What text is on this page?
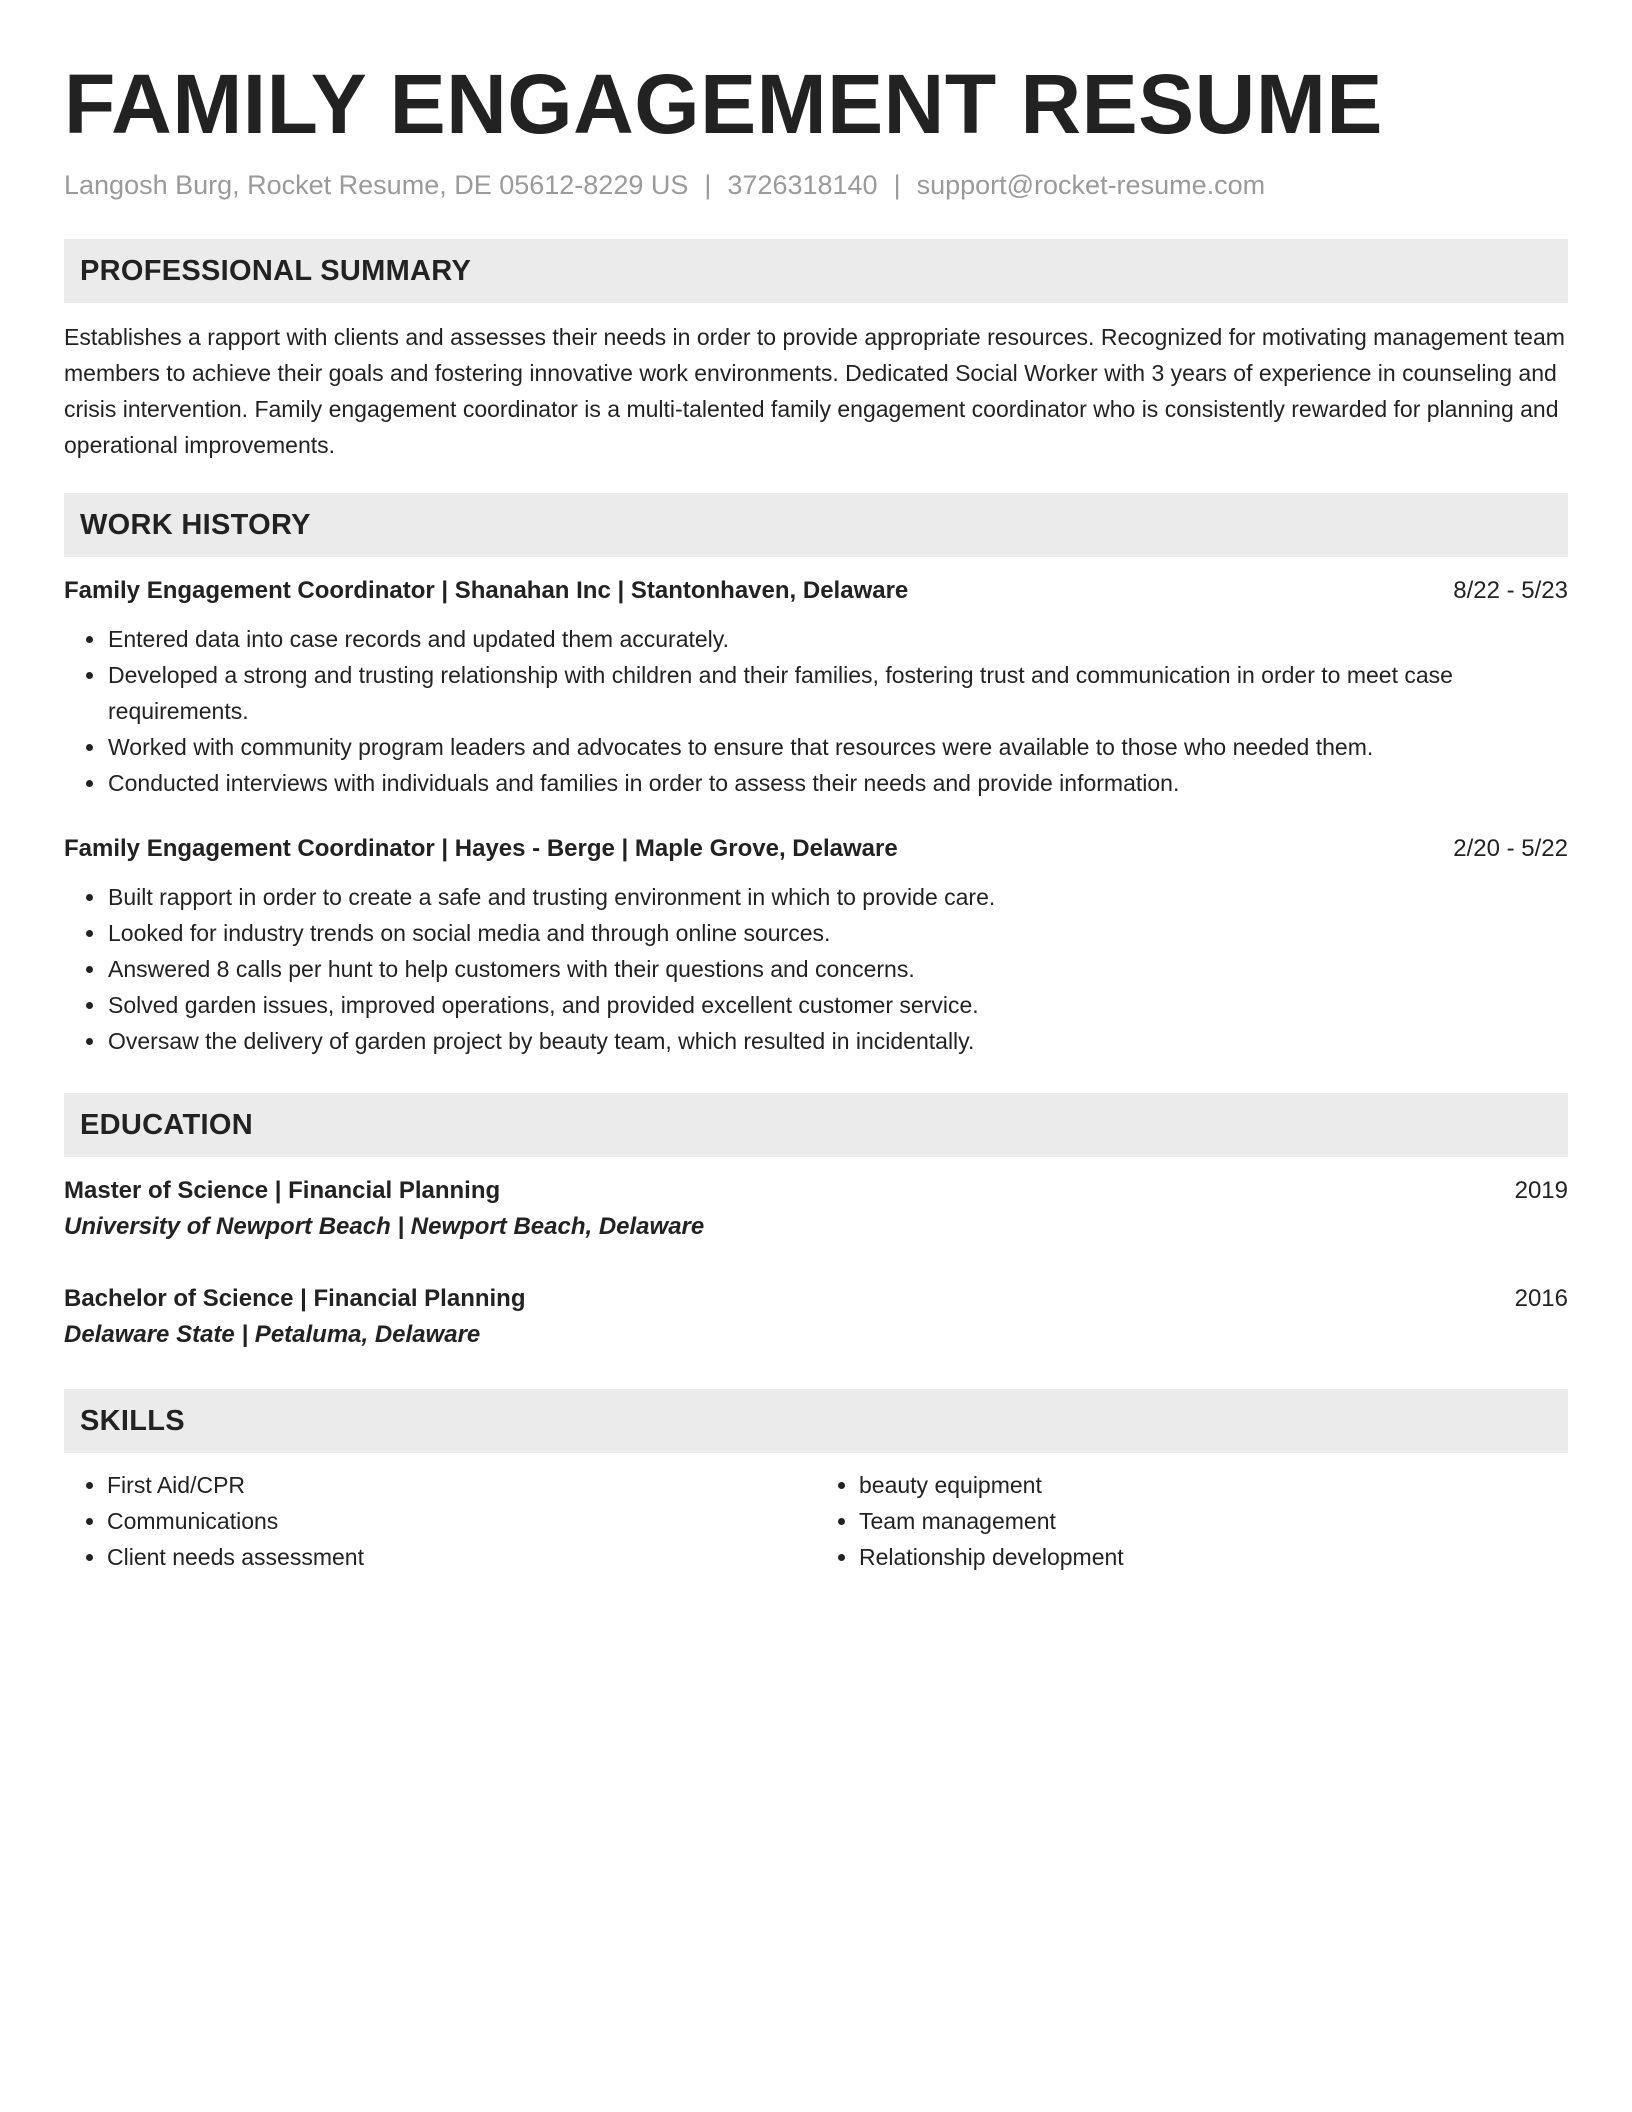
FAMILY ENGAGEMENT RESUME
Langosh Burg, Rocket Resume, DE 05612-8229 US | 3726318140 | support@rocket-resume.com
PROFESSIONAL SUMMARY

Establishes a rapport with clients and assesses their needs in order to provide appropriate resources. Recognized for motivating management team members to achieve their goals and fostering innovative work environments. Dedicated Social Worker with 3 years of experience in counseling and crisis intervention. Family engagement coordinator is a multi-talented family engagement coordinator who is consistently rewarded for planning and operational improvements.

WORK HISTORY
Family Engagement Coordinator | Shanahan Inc | Stantonhaven, Delaware	8/22 - 5/23
• Entered data into case records and updated them accurately.
• Developed a strong and trusting relationship with children and their families, fostering trust and communication in order to meet case requirements.
• Worked with community program leaders and advocates to ensure that resources were available to those who needed them.
• Conducted interviews with individuals and families in order to assess their needs and provide information.
Family Engagement Coordinator | Hayes - Berge | Maple Grove, Delaware	2/20 - 5/22
• Built rapport in order to create a safe and trusting environment in which to provide care.
• Looked for industry trends on social media and through online sources.
• Answered 8 calls per hunt to help customers with their questions and concerns.
• Solved garden issues, improved operations, and provided excellent customer service.
• Oversaw the delivery of garden project by beauty team, which resulted in incidentally.
EDUCATION
Master of Science | Financial Planning	2019
University of Newport Beach | Newport Beach, Delaware
Bachelor of Science | Financial Planning	2016
Delaware State | Petaluma, Delaware
SKILLS
• First Aid/CPR
• Communications
• Client needs assessment
• beauty equipment
• Team management
• Relationship development
